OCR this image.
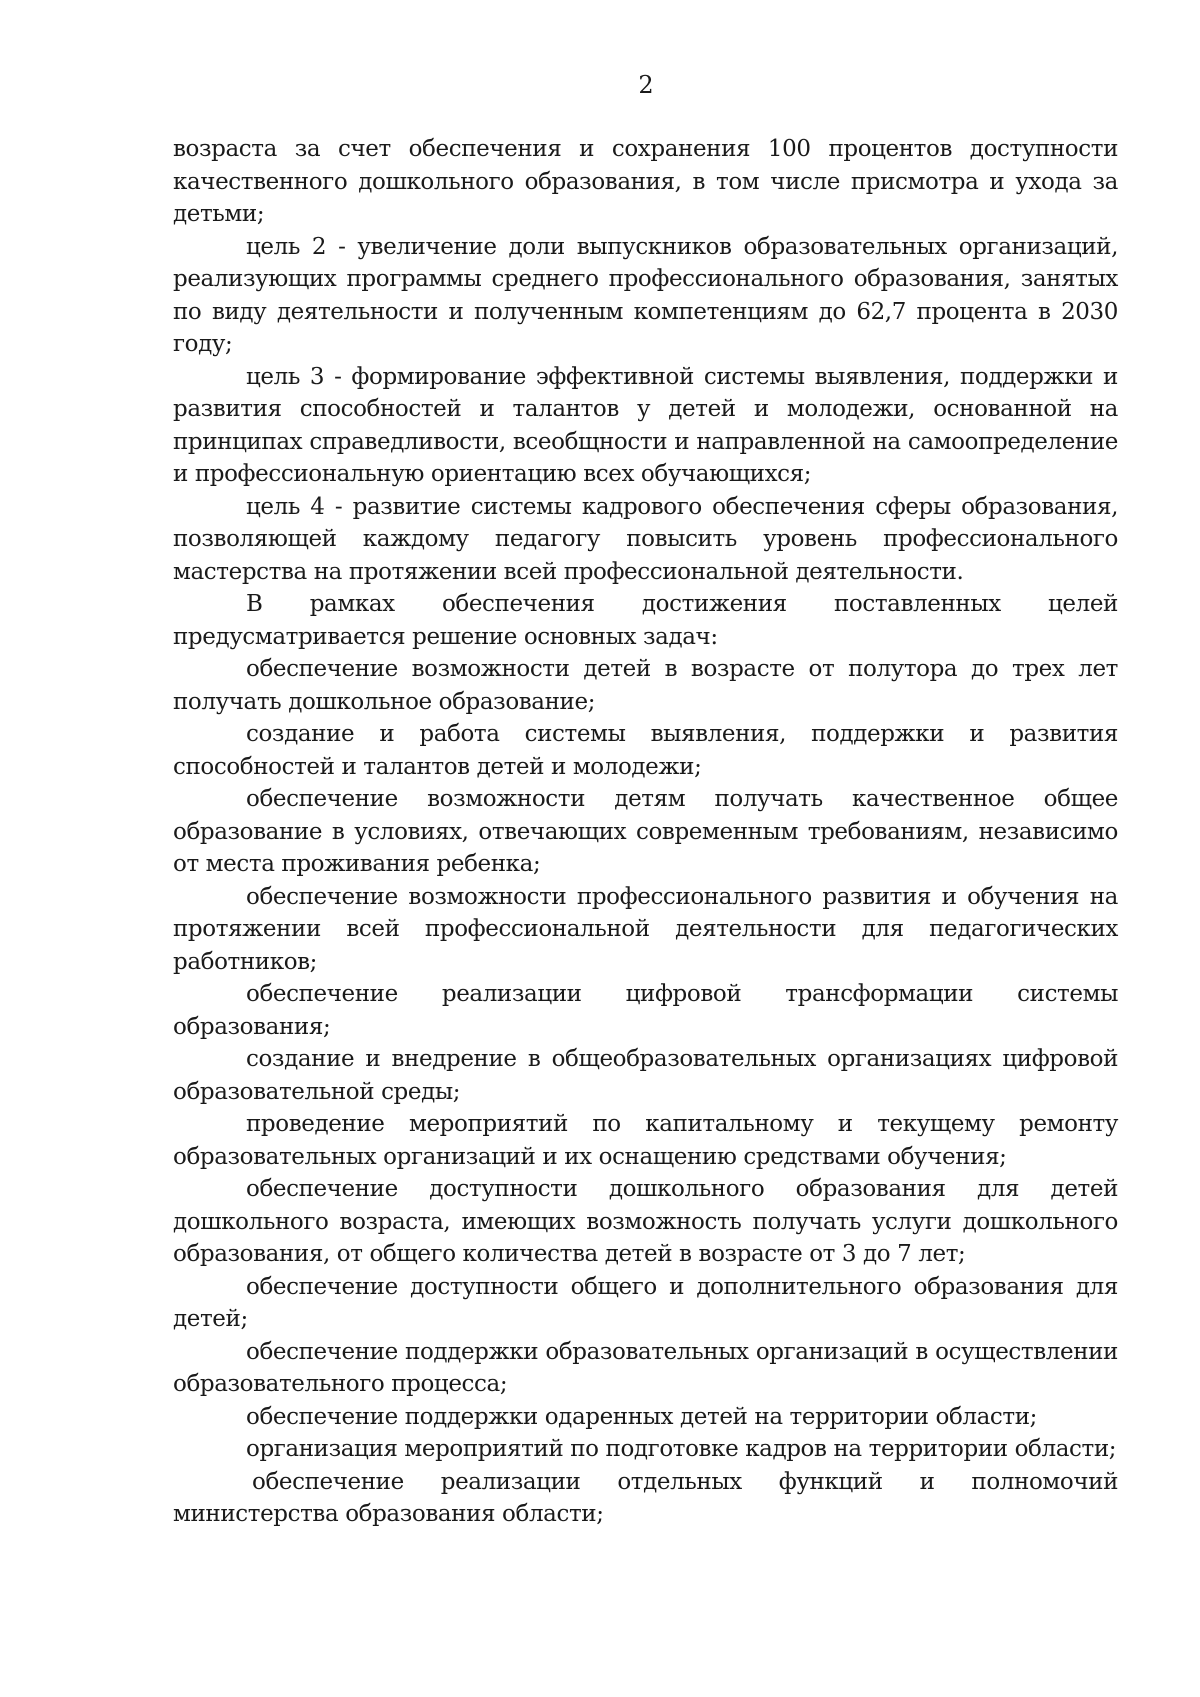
2

возраста за счет обеспечения и сохранения 100 процентов доступности качественного дошкольного образования, в том числе присмотра и ухода за детьми;

цель 2 - увеличение доли выпускников образовательных организаций, реализующих программы среднего профессионального образования, занятых по виду деятельности и полученным компетенциям до 62,7 процента в 2030 году;

цель 3 - формирование эффективной системы выявления, поддержки и развития способностей и талантов у детей и молодежи, основанной на принципах справедливости, всеобщности и направленной на самоопределение и профессиональную ориентацию всех обучающихся;

цель 4 - развитие системы кадрового обеспечения сферы образования, позволяющей каждому педагогу повысить уровень профессионального мастерства на протяжении всей профессиональной деятельности.

В рамках обеспечения достижения поставленных целей предусматривается решение основных задач:

обеспечение возможности детей в возрасте от полутора до трех лет получать дошкольное образование;

создание и работа системы выявления, поддержки и развития способностей и талантов детей и молодежи;

обеспечение возможности детям получать качественное общее образование в условиях, отвечающих современным требованиям, независимо от места проживания ребенка;

обеспечение возможности профессионального развития и обучения на протяжении всей профессиональной деятельности для педагогических работников;

обеспечение реализации цифровой трансформации системы образования;

создание и внедрение в общеобразовательных организациях цифровой образовательной среды;

проведение мероприятий по капитальному и текущему ремонту образовательных организаций и их оснащению средствами обучения;

обеспечение доступности дошкольного образования для детей дошкольного возраста, имеющих возможность получать услуги дошкольного образования, от общего количества детей в возрасте от 3 до 7 лет;

обеспечение доступности общего и дополнительного образования для детей;

обеспечение поддержки образовательных организаций в осуществлении образовательного процесса;

обеспечение поддержки одаренных детей на территории области;

организация мероприятий по подготовке кадров на территории области;

обеспечение реализации отдельных функций и полномочий министерства образования области;
